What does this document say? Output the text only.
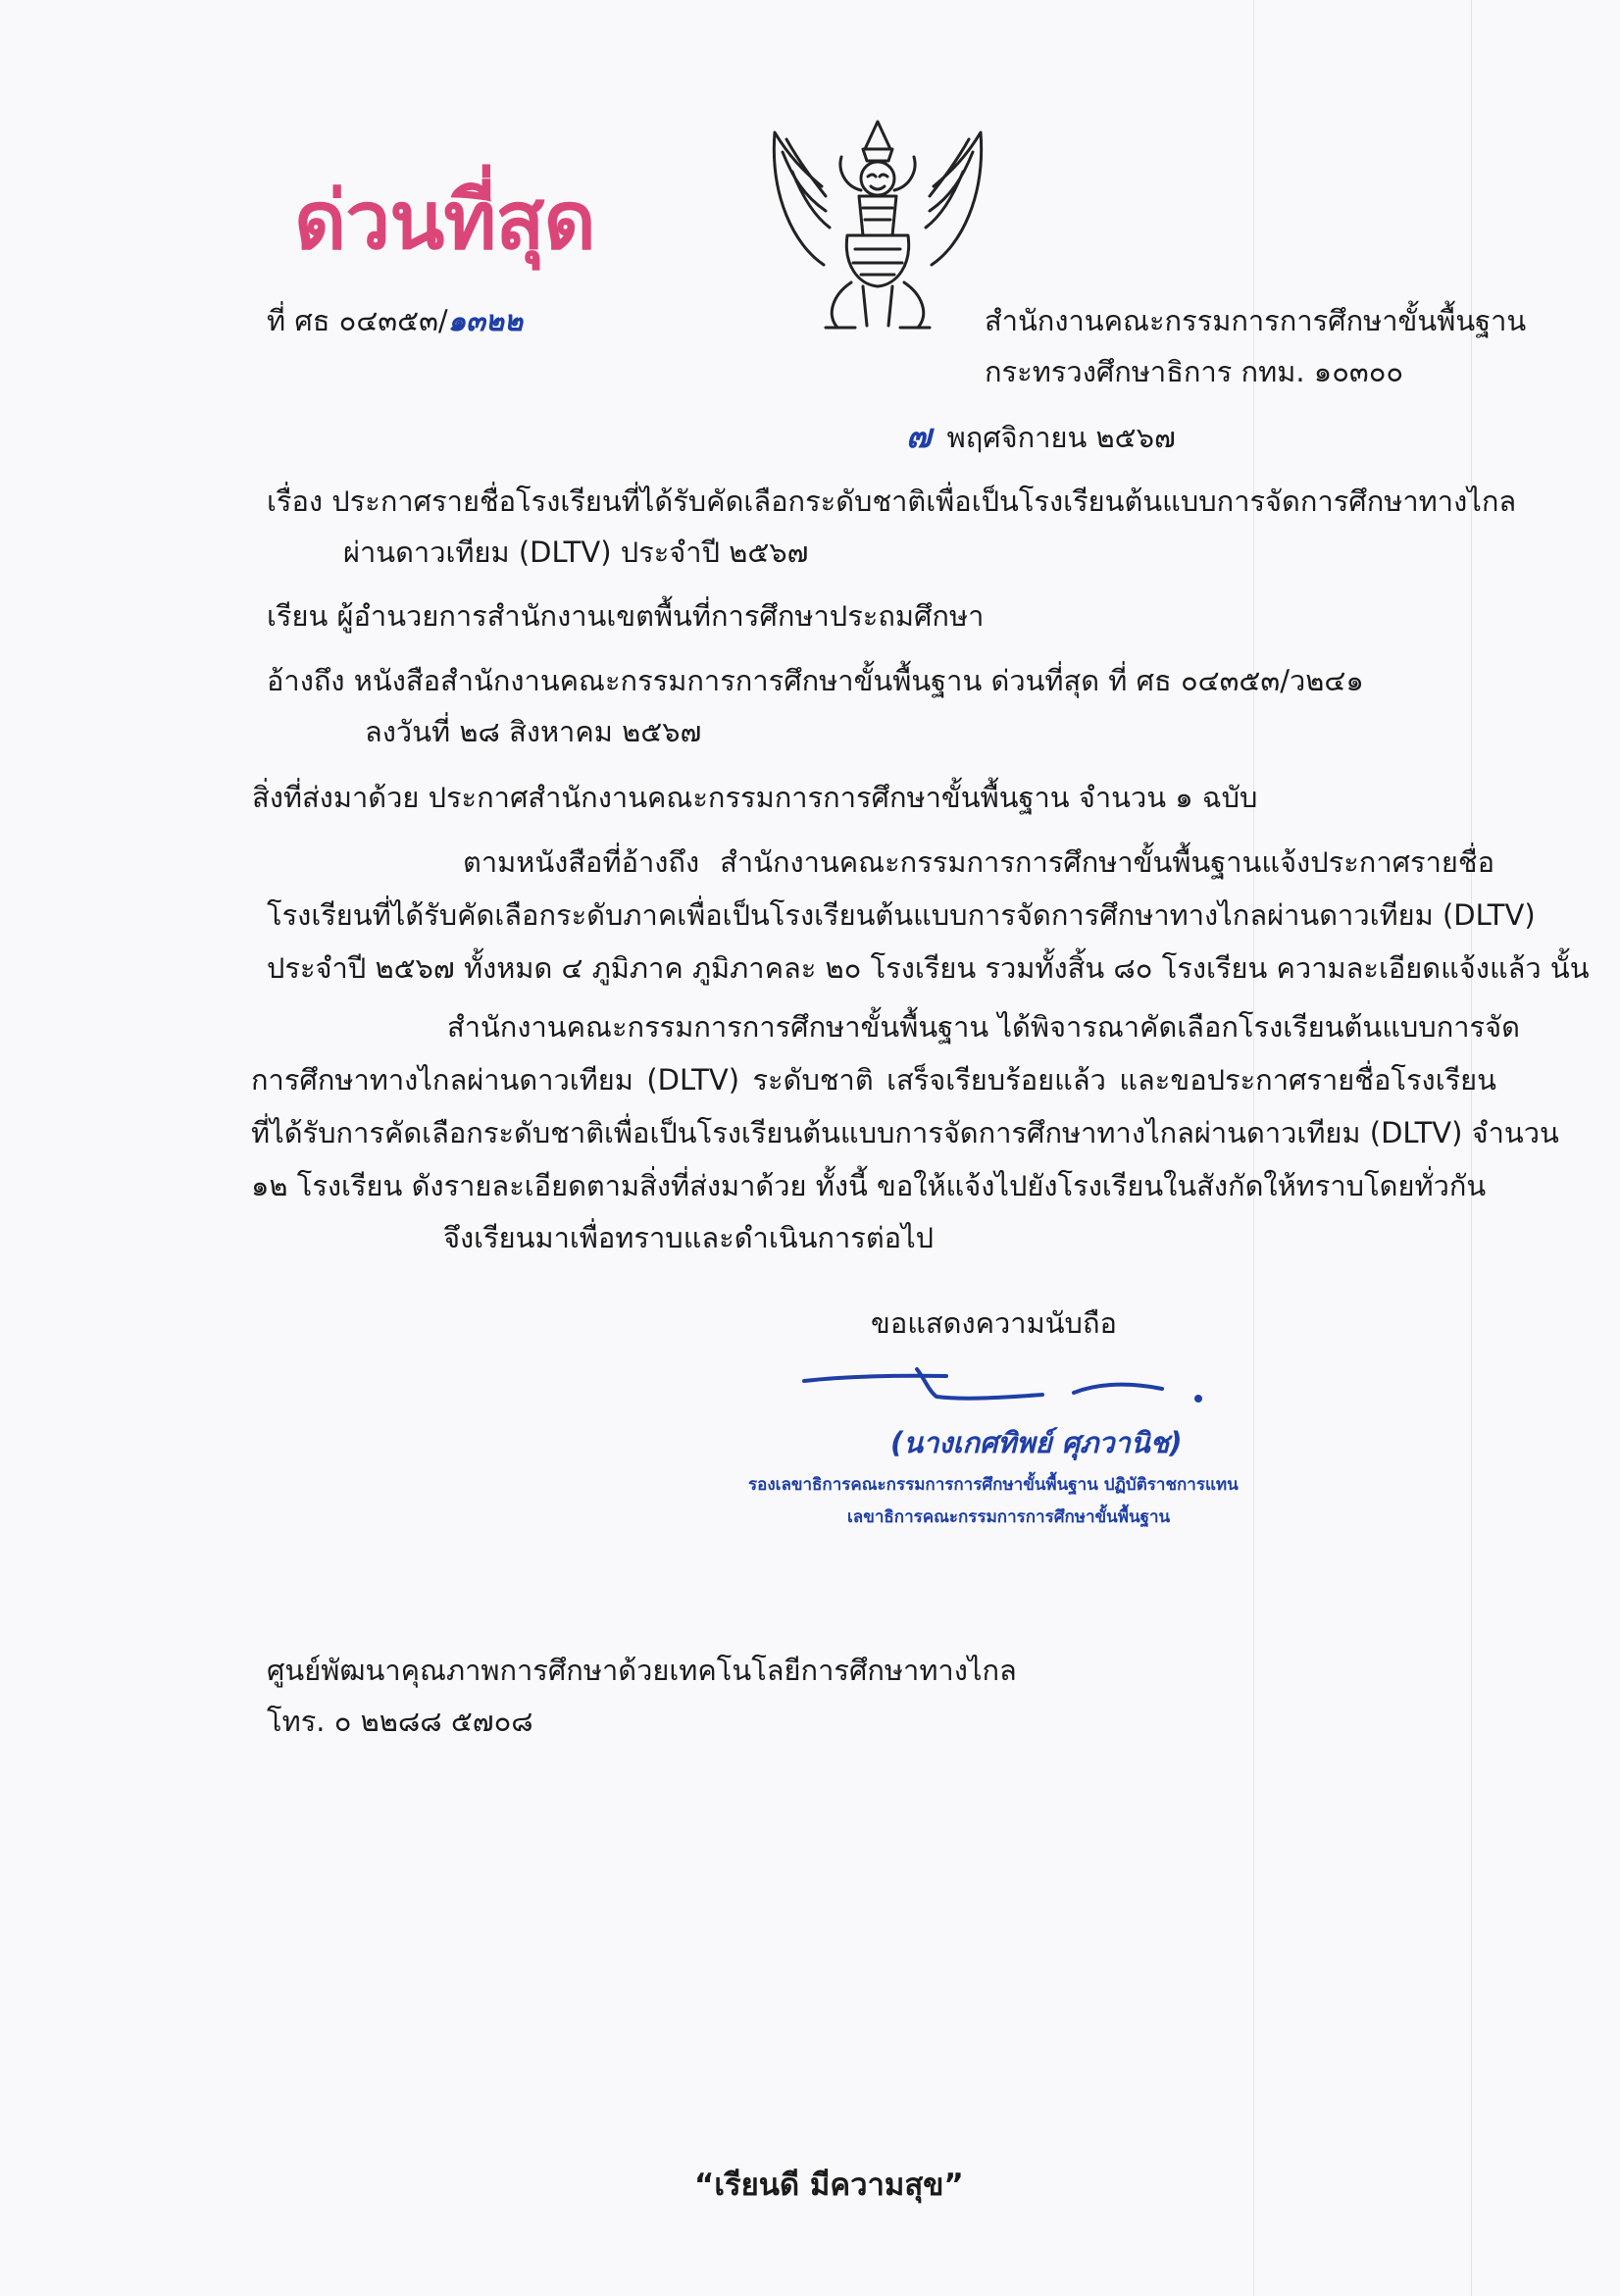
ด่วนที่สุด
ที่ ศธ ๐๔๓๕๓/๑๓๒๒	สำนักงานคณะกรรมการการศึกษาขั้นพื้นฐาน
กระทรวงศึกษาธิการ กทม. ๑๐๓๐๐
๗ พฤศจิกายน ๒๕๖๗
เรื่อง ประกาศรายชื่อโรงเรียนที่ได้รับคัดเลือกระดับชาติเพื่อเป็นโรงเรียนต้นแบบการจัดการศึกษาทางไกล
ผ่านดาวเทียม (DLTV) ประจำปี ๒๕๖๗
เรียน ผู้อำนวยการสำนักงานเขตพื้นที่การศึกษาประถมศึกษา
อ้างถึง หนังสือสำนักงานคณะกรรมการการศึกษาขั้นพื้นฐาน ด่วนที่สุด ที่ ศธ ๐๔๓๕๓/ว๒๔๑
ลงวันที่ ๒๘ สิงหาคม ๒๕๖๗
สิ่งที่ส่งมาด้วย ประกาศสำนักงานคณะกรรมการการศึกษาขั้นพื้นฐาน จำนวน ๑ ฉบับ
ตามหนังสือที่อ้างถึง สำนักงานคณะกรรมการการศึกษาขั้นพื้นฐานแจ้งประกาศรายชื่อ
โรงเรียนที่ได้รับคัดเลือกระดับภาคเพื่อเป็นโรงเรียนต้นแบบการจัดการศึกษาทางไกลผ่านดาวเทียม (DLTV)
ประจำปี ๒๕๖๗ ทั้งหมด ๔ ภูมิภาค ภูมิภาคละ ๒๐ โรงเรียน รวมทั้งสิ้น ๘๐ โรงเรียน ความละเอียดแจ้งแล้ว นั้น
สำนักงานคณะกรรมการการศึกษาขั้นพื้นฐาน ได้พิจารณาคัดเลือกโรงเรียนต้นแบบการจัด
การศึกษาทางไกลผ่านดาวเทียม (DLTV) ระดับชาติ เสร็จเรียบร้อยแล้ว และขอประกาศรายชื่อโรงเรียน
ที่ได้รับการคัดเลือกระดับชาติเพื่อเป็นโรงเรียนต้นแบบการจัดการศึกษาทางไกลผ่านดาวเทียม (DLTV) จำนวน
๑๒ โรงเรียน ดังรายละเอียดตามสิ่งที่ส่งมาด้วย ทั้งนี้ ขอให้แจ้งไปยังโรงเรียนในสังกัดให้ทราบโดยทั่วกัน
จึงเรียนมาเพื่อทราบและดำเนินการต่อไป
ขอแสดงความนับถือ
(นางเกศทิพย์ ศุภวานิช)
รองเลขาธิการคณะกรรมการการศึกษาขั้นพื้นฐาน ปฏิบัติราชการแทน
เลขาธิการคณะกรรมการการศึกษาขั้นพื้นฐาน
ศูนย์พัฒนาคุณภาพการศึกษาด้วยเทคโนโลยีการศึกษาทางไกล
โทร. ๐ ๒๒๘๘ ๕๗๐๘
“เรียนดี มีความสุข”
